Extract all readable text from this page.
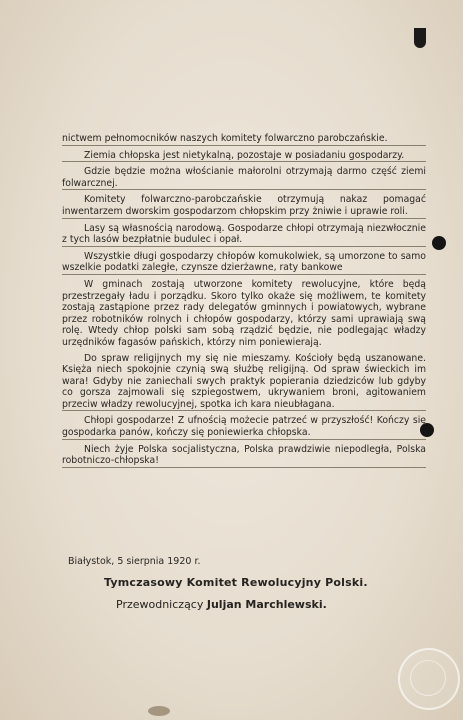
nictwem pełnomocników naszych komitety folwarczno parobczańskie.

Ziemia chłopska jest nietykalną, pozostaje w posiadaniu gospodarzy.

Gdzie będzie można włościanie małorolni otrzymają darmo część ziemi folwarcznej.

Komitety folwarczno-parobczańskie otrzymują nakaz pomagać inwentarzem dworskim gospodarzom chłopskim przy żniwie i uprawie roli.

Lasy są własnością narodową. Gospodarze chłopi otrzymają niezwłocznie z tych lasów bezpłatnie budulec i opał.

Wszystkie długi gospodarzy chłopów komukolwiek, są umorzone to samo wszelkie podatki zaległe, czynsze dzierżawne, raty bankowe

W gminach zostają utworzone komitety rewolucyjne, które będą przestrzegały ładu i porządku. Skoro tylko okaże się możliwem, te komitety zostają zastąpione przez rady delegatów gminnych i powiatowych, wybrane przez robotników rolnych i chłopów gospodarzy, którzy sami uprawiają swą rolę. Wtedy chłop polski sam sobą rządzić będzie, nie podlegając władzy urzędników fagasów pańskich, którzy nim poniewierają.

Do spraw religijnych my się nie mieszamy. Kościoły będą uszanowane. Księża niech spokojnie czynią swą służbę religijną. Od spraw świeckich im wara! Gdyby nie zaniechali swych praktyk popierania dziedziców lub gdyby co gorsza zajmowali się szpiegostwem, ukrywaniem broni, agitowaniem przeciw władzy rewolucyjnej, spotka ich kara nieubłagana.

Chłopi gospodarze! Z ufnością możecie patrzeć w przyszłość! Kończy się gospodarka panów, kończy się poniewierka chłopska.

Niech żyje Polska socjalistyczna, Polska prawdziwie niepodległa, Polska robotniczo-chłopska!

Białystok, 5 sierpnia 1920 r.
Tymczasowy Komitet Rewolucyjny Polski.
Przewodniczący Juljan Marchlewski.
